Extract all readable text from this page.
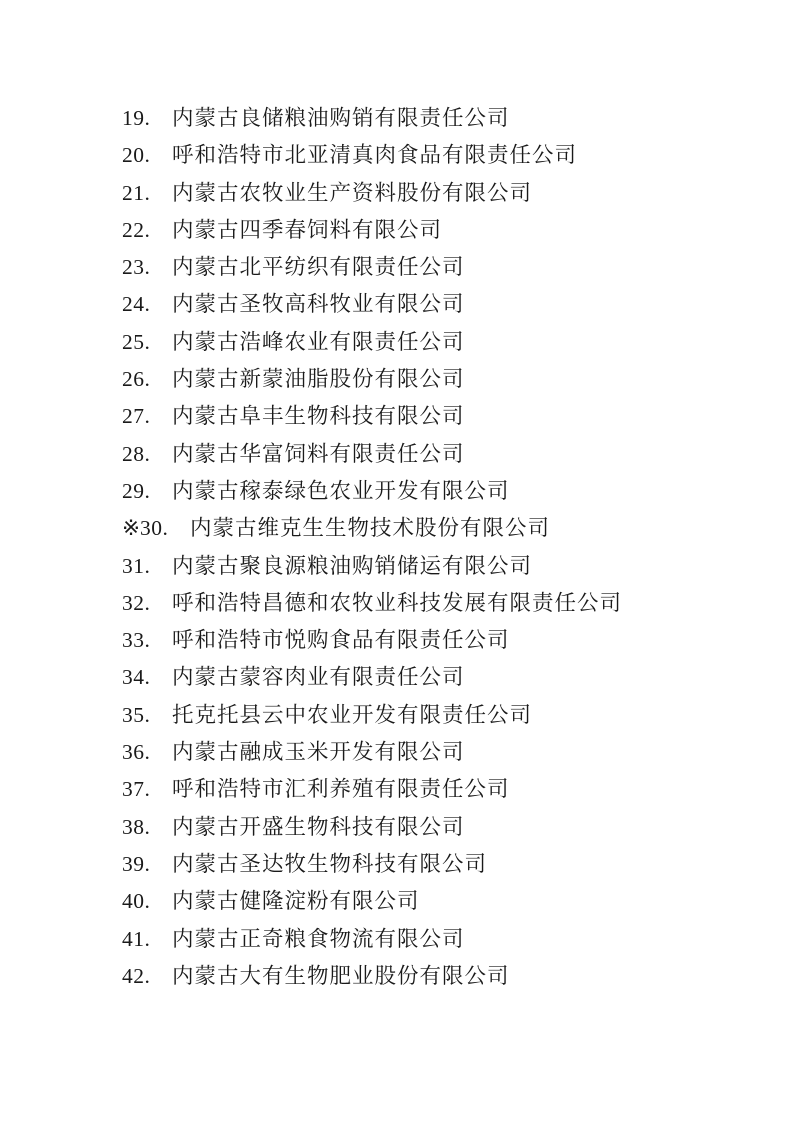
19. 内蒙古良储粮油购销有限责任公司
20. 呼和浩特市北亚清真肉食品有限责任公司
21. 内蒙古农牧业生产资料股份有限公司
22. 内蒙古四季春饲料有限公司
23. 内蒙古北平纺织有限责任公司
24. 内蒙古圣牧高科牧业有限公司
25. 内蒙古浩峰农业有限责任公司
26. 内蒙古新蒙油脂股份有限公司
27. 内蒙古阜丰生物科技有限公司
28. 内蒙古华富饲料有限责任公司
29. 内蒙古稼泰绿色农业开发有限公司
※30. 内蒙古维克生生物技术股份有限公司
31. 内蒙古聚良源粮油购销储运有限公司
32. 呼和浩特昌德和农牧业科技发展有限责任公司
33. 呼和浩特市悦购食品有限责任公司
34. 内蒙古蒙容肉业有限责任公司
35. 托克托县云中农业开发有限责任公司
36. 内蒙古融成玉米开发有限公司
37. 呼和浩特市汇利养殖有限责任公司
38. 内蒙古开盛生物科技有限公司
39. 内蒙古圣达牧生物科技有限公司
40. 内蒙古健隆淀粉有限公司
41. 内蒙古正奇粮食物流有限公司
42. 内蒙古大有生物肥业股份有限公司
